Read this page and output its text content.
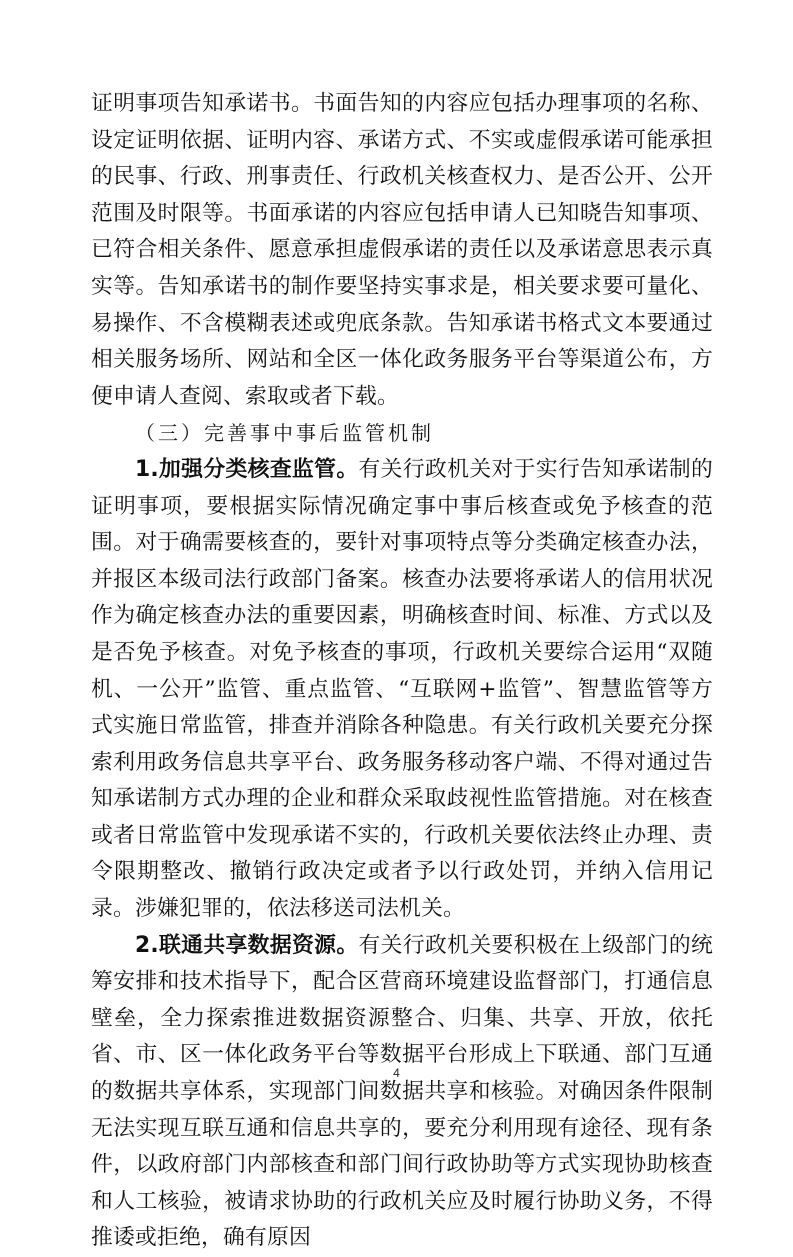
证明事项告知承诺书。书面告知的内容应包括办理事项的名称、设定证明依据、证明内容、承诺方式、不实或虚假承诺可能承担的民事、行政、刑事责任、行政机关核查权力、是否公开、公开范围及时限等。书面承诺的内容应包括申请人已知晓告知事项、已符合相关条件、愿意承担虚假承诺的责任以及承诺意思表示真实等。告知承诺书的制作要坚持实事求是，相关要求要可量化、易操作、不含模糊表述或兜底条款。告知承诺书格式文本要通过相关服务场所、网站和全区一体化政务服务平台等渠道公布，方便申请人查阅、索取或者下载。

（三）完善事中事后监管机制

1.加强分类核查监管。有关行政机关对于实行告知承诺制的证明事项，要根据实际情况确定事中事后核查或免予核查的范围。对于确需要核查的，要针对事项特点等分类确定核查办法，并报区本级司法行政部门备案。核查办法要将承诺人的信用状况作为确定核查办法的重要因素，明确核查时间、标准、方式以及是否免予核查。对免予核查的事项，行政机关要综合运用“双随机、一公开”监管、重点监管、“互联网+监管”、智慧监管等方式实施日常监管，排查并消除各种隐患。有关行政机关要充分探索利用政务信息共享平台、政务服务移动客户端、不得对通过告知承诺制方式办理的企业和群众采取歧视性监管措施。对在核查或者日常监管中发现承诺不实的，行政机关要依法终止办理、责令限期整改、撤销行政决定或者予以行政处罚，并纳入信用记录。涉嫌犯罪的，依法移送司法机关。

2.联通共享数据资源。有关行政机关要积极在上级部门的统筹安排和技术指导下，配合区营商环境建设监督部门，打通信息壁垒，全力探索推进数据资源整合、归集、共享、开放，依托省、市、区一体化政务平台等数据平台形成上下联通、部门互通的数据共享体系，实现部门间数据共享和核验。对确因条件限制无法实现互联互通和信息共享的，要充分利用现有途径、现有条件，以政府部门内部核查和部门间行政协助等方式实现协助核查和人工核验，被请求协助的行政机关应及时履行协助义务，不得推诿或拒绝，确有原因

4
